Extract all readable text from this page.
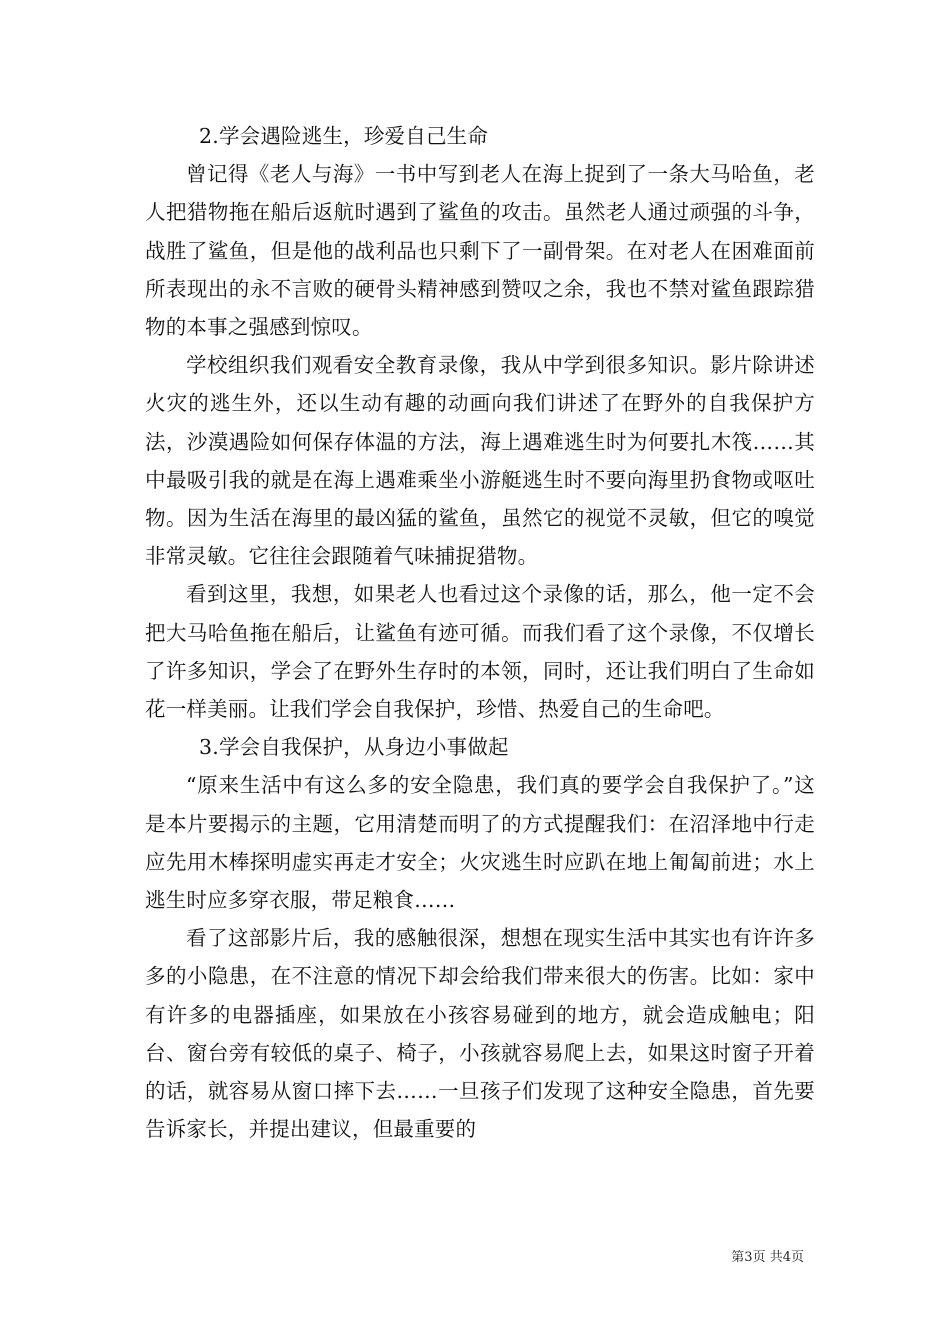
2.学会遇险逃生，珍爱自己生命

曾记得《老人与海》一书中写到老人在海上捉到了一条大马哈鱼，老人把猎物拖在船后返航时遇到了鲨鱼的攻击。虽然老人通过顽强的斗争，战胜了鲨鱼，但是他的战利品也只剩下了一副骨架。在对老人在困难面前所表现出的永不言败的硬骨头精神感到赞叹之余，我也不禁对鲨鱼跟踪猎物的本事之强感到惊叹。

学校组织我们观看安全教育录像，我从中学到很多知识。影片除讲述火灾的逃生外，还以生动有趣的动画向我们讲述了在野外的自我保护方法，沙漠遇险如何保存体温的方法，海上遇难逃生时为何要扎木筏……其中最吸引我的就是在海上遇难乘坐小游艇逃生时不要向海里扔食物或呕吐物。因为生活在海里的最凶猛的鲨鱼，虽然它的视觉不灵敏，但它的嗅觉非常灵敏。它往往会跟随着气味捕捉猎物。

看到这里，我想，如果老人也看过这个录像的话，那么，他一定不会把大马哈鱼拖在船后，让鲨鱼有迹可循。而我们看了这个录像，不仅增长了许多知识，学会了在野外生存时的本领，同时，还让我们明白了生命如花一样美丽。让我们学会自我保护，珍惜、热爱自己的生命吧。

3.学会自我保护，从身边小事做起

“原来生活中有这么多的安全隐患，我们真的要学会自我保护了。”这是本片要揭示的主题，它用清楚而明了的方式提醒我们：在沼泽地中行走应先用木棒探明虚实再走才安全；火灾逃生时应趴在地上匍匐前进；水上逃生时应多穿衣服，带足粮食……

看了这部影片后，我的感触很深，想想在现实生活中其实也有许许多多的小隐患，在不注意的情况下却会给我们带来很大的伤害。比如：家中有许多的电器插座，如果放在小孩容易碰到的地方，就会造成触电；阳台、窗台旁有较低的桌子、椅子，小孩就容易爬上去，如果这时窗子开着的话，就容易从窗口摔下去……一旦孩子们发现了这种安全隐患，首先要告诉家长，并提出建议，但最重要的

第3页 共4页
